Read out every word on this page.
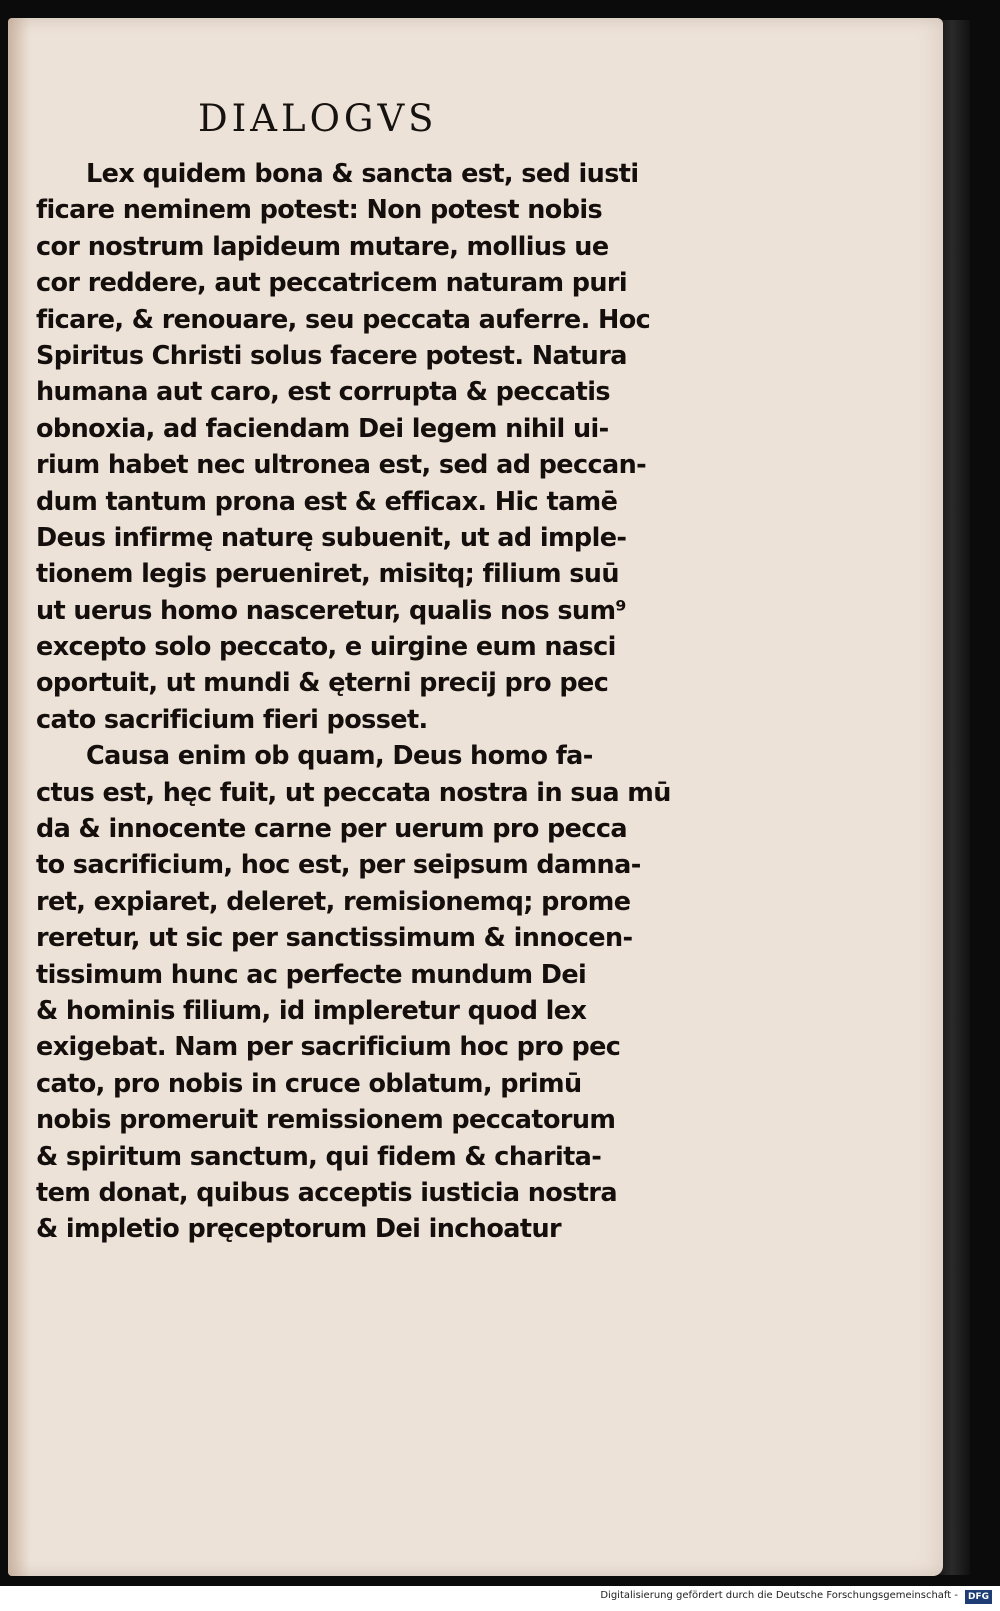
DIALOGVS
Lex quidem bona & sancta est, sed iusti
ficare neminem potest: Non potest nobis
cor nostrum lapideum mutare, mollius ue
cor reddere, aut peccatricem naturam puri
ficare, & renouare, seu peccata auferre. Hoc
Spiritus Christi solus facere potest. Natura
humana aut caro, est corrupta & peccatis
obnoxia, ad faciendam Dei legem nihil ui-
rium habet nec ultronea est, sed ad peccan-
dum tantum prona est & efficax. Hic tamē
Deus infirmę naturę subuenit, ut ad imple-
tionem legis perueniret, misitq; filium suū
ut uerus homo nasceretur, qualis nos sum⁹
excepto solo peccato, e uirgine eum nasci
oportuit, ut mundi & ęterni precij pro pec
cato sacrificium fieri posset.
Causa enim ob quam, Deus homo fa-
ctus est, hęc fuit, ut peccata nostra in sua mū
da & innocente carne per uerum pro pecca
to sacrificium, hoc est, per seipsum damna-
ret, expiaret, deleret, remisionemq; prome
reretur, ut sic per sanctissimum & innocen-
tissimum hunc ac perfecte mundum Dei
& hominis filium, id impleretur quod lex
exigebat. Nam per sacrificium hoc pro pec
cato, pro nobis in cruce oblatum, primū
nobis promeruit remissionem peccatorum
& spiritum sanctum, qui fidem & charita-
tem donat, quibus acceptis iusticia nostra
& impletio pręceptorum Dei inchoatur
Digitalisierung gefördert durch die Deutsche Forschungsgemeinschaft -	DFG
